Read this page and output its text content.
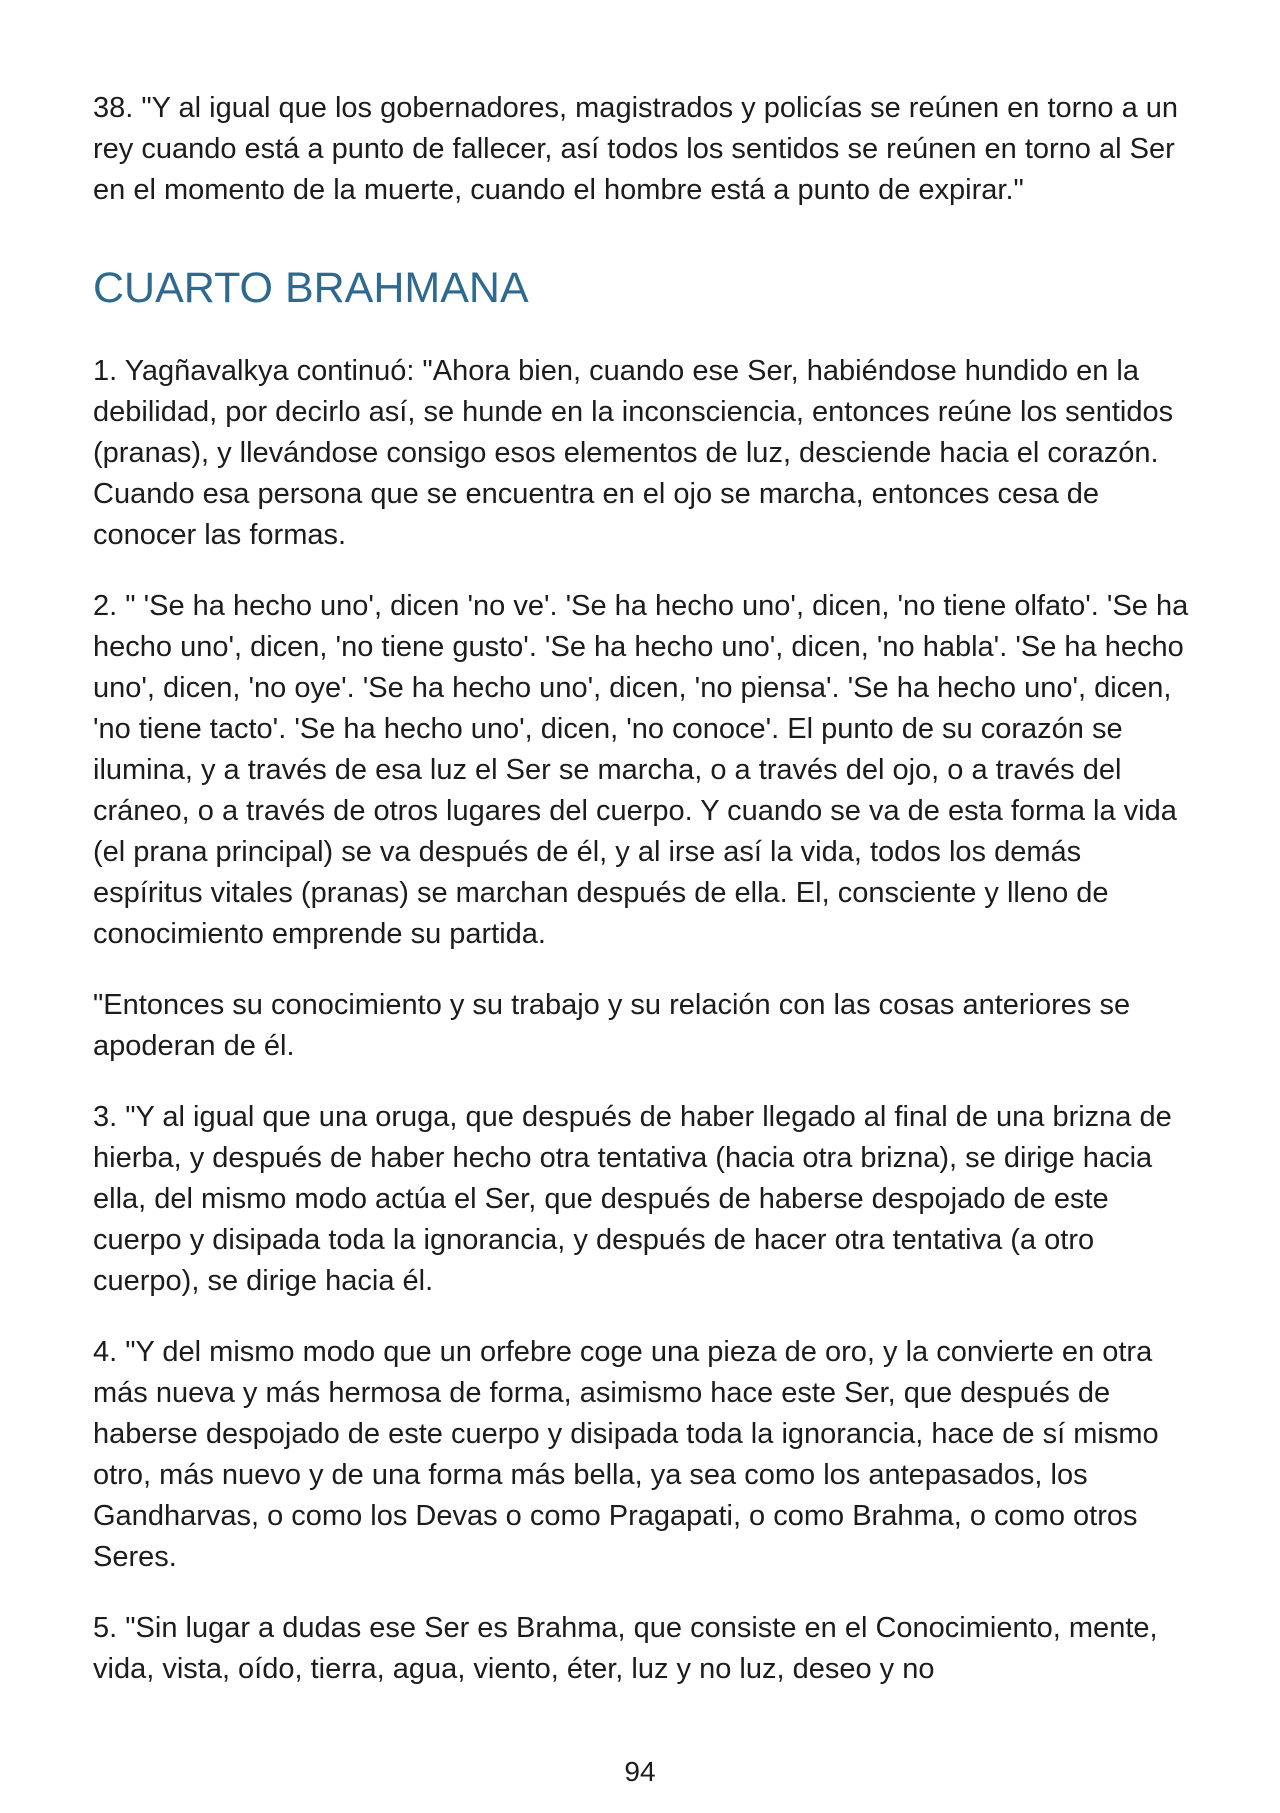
38. "Y al igual que los gobernadores, magistrados y policías se reúnen en torno a un rey cuando está a punto de fallecer, así todos los sentidos se reúnen en torno al Ser en el momento de la muerte, cuando el hombre está a punto de expirar."

CUARTO BRAHMANA

1. Yagñavalkya continuó: "Ahora bien, cuando ese Ser, habiéndose hundido en la debilidad, por decirlo así, se hunde en la inconsciencia, entonces reúne los sentidos (pranas), y llevándose consigo esos elementos de luz, desciende hacia el corazón. Cuando esa persona que se encuentra en el ojo se marcha, entonces cesa de conocer las formas.

2. " 'Se ha hecho uno', dicen 'no ve'. 'Se ha hecho uno', dicen, 'no tiene olfato'. 'Se ha hecho uno', dicen, 'no tiene gusto'. 'Se ha hecho uno', dicen, 'no habla'. 'Se ha hecho uno', dicen, 'no oye'. 'Se ha hecho uno', dicen, 'no piensa'. 'Se ha hecho uno', dicen, 'no tiene tacto'. 'Se ha hecho uno', dicen, 'no conoce'. El punto de su corazón se ilumina, y a través de esa luz el Ser se marcha, o a través del ojo, o a través del cráneo, o a través de otros lugares del cuerpo. Y cuando se va de esta forma la vida (el prana principal) se va después de él, y al irse así la vida, todos los demás espíritus vitales (pranas) se marchan después de ella. El, consciente y lleno de conocimiento emprende su partida.

"Entonces su conocimiento y su trabajo y su relación con las cosas anteriores se apoderan de él.

3. "Y al igual que una oruga, que después de haber llegado al final de una brizna de hierba, y después de haber hecho otra tentativa (hacia otra brizna), se dirige hacia ella, del mismo modo actúa el Ser, que después de haberse despojado de este cuerpo y disipada toda la ignorancia, y después de hacer otra tentativa (a otro cuerpo), se dirige hacia él.

4. "Y del mismo modo que un orfebre coge una pieza de oro, y la convierte en otra más nueva y más hermosa de forma, asimismo hace este Ser, que después de haberse despojado de este cuerpo y disipada toda la ignorancia, hace de sí mismo otro, más nuevo y de una forma más bella, ya sea como los antepasados, los Gandharvas, o como los Devas o como Pragapati, o como Brahma, o como otros Seres.

5. "Sin lugar a dudas ese Ser es Brahma, que consiste en el Conocimiento, mente, vida, vista, oído, tierra, agua, viento, éter, luz y no luz, deseo y no

94
